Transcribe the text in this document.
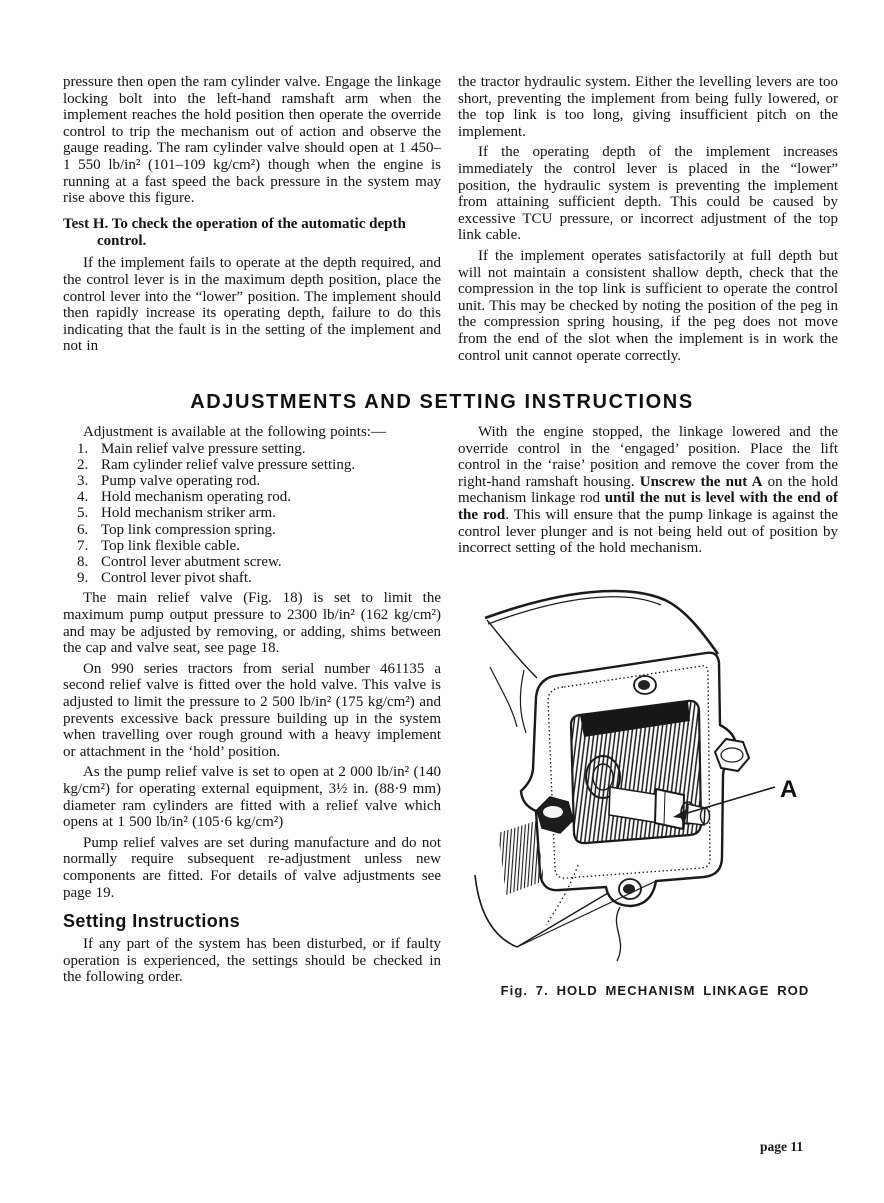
pressure then open the ram cylinder valve. Engage the linkage locking bolt into the left-hand ramshaft arm when the implement reaches the hold position then operate the override control to trip the mechanism out of action and observe the gauge reading. The ram cylinder valve should open at 1 450–1 550 lb/in² (101–109 kg/cm²) though when the engine is running at a fast speed the back pressure in the system may rise above this figure.

Test H. To check the operation of the automatic depth control.

If the implement fails to operate at the depth required, and the control lever is in the maximum depth position, place the control lever into the “lower” position. The implement should then rapidly increase its operating depth, failure to do this indicating that the fault is in the setting of the implement and not in

the tractor hydraulic system. Either the levelling levers are too short, preventing the implement from being fully lowered, or the top link is too long, giving insufficient pitch on the implement.

If the operating depth of the implement increases immediately the control lever is placed in the “lower” position, the hydraulic system is preventing the implement from attaining sufficient depth. This could be caused by excessive TCU pressure, or incorrect adjustment of the top link cable.

If the implement operates satisfactorily at full depth but will not maintain a consistent shallow depth, check that the compression in the top link is sufficient to operate the control unit. This may be checked by noting the position of the peg in the compression spring housing, if the peg does not move from the end of the slot when the implement is in work the control unit cannot operate correctly.

ADJUSTMENTS AND SETTING INSTRUCTIONS

Adjustment is available at the following points:—

1. Main relief valve pressure setting.
2. Ram cylinder relief valve pressure setting.
3. Pump valve operating rod.
4. Hold mechanism operating rod.
5. Hold mechanism striker arm.
6. Top link compression spring.
7. Top link flexible cable.
8. Control lever abutment screw.
9. Control lever pivot shaft.

The main relief valve (Fig. 18) is set to limit the maximum pump output pressure to 2300 lb/in² (162 kg/cm²) and may be adjusted by removing, or adding, shims between the cap and valve seat, see page 18.

On 990 series tractors from serial number 461135 a second relief valve is fitted over the hold valve. This valve is adjusted to limit the pressure to 2 500 lb/in² (175 kg/cm²) and prevents excessive back pressure building up in the system when travelling over rough ground with a heavy implement or attachment in the ‘hold’ position.

As the pump relief valve is set to open at 2 000 lb/in² (140 kg/cm²) for operating external equipment, 3½ in. (88·9 mm) diameter ram cylinders are fitted with a relief valve which opens at 1 500 lb/in² (105·6 kg/cm²)

Pump relief valves are set during manufacture and do not normally require subsequent re-adjustment unless new components are fitted. For details of valve adjustments see page 19.

Setting Instructions

If any part of the system has been disturbed, or if faulty operation is experienced, the settings should be checked in the following order.

With the engine stopped, the linkage lowered and the override control in the ‘engaged’ position. Place the lift control in the ‘raise’ position and remove the cover from the right-hand ramshaft housing. Unscrew the nut A on the hold mechanism linkage rod until the nut is level with the end of the rod. This will ensure that the pump linkage is against the control lever plunger and is not being held out of position by incorrect setting of the hold mechanism.

A
Fig. 7. HOLD MECHANISM LINKAGE ROD
page 11
